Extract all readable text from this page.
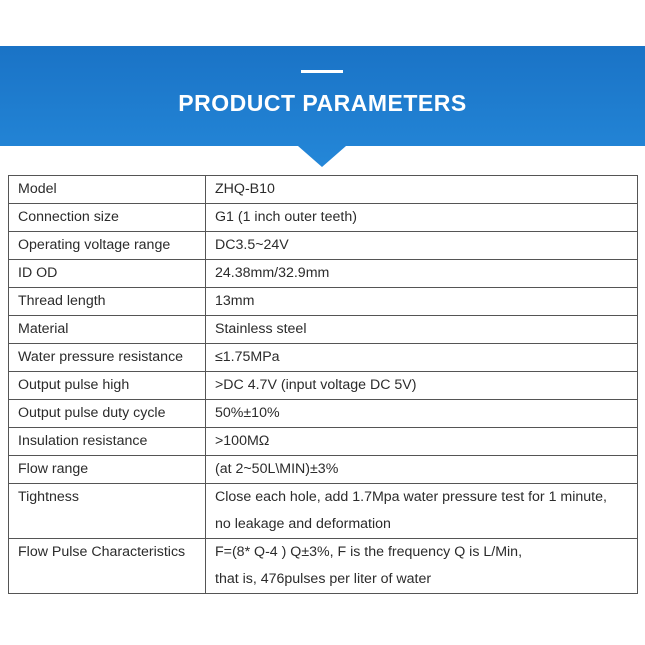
PRODUCT PARAMETERS
Model	ZHQ-B10
Connection size	G1 (1 inch outer teeth)
Operating voltage range	DC3.5~24V
ID OD	24.38mm/32.9mm
Thread length	13mm
Material	Stainless steel
Water pressure resistance	≤1.75MPa
Output pulse high	>DC 4.7V (input voltage DC 5V)
Output pulse duty cycle	50%±10%
Insulation resistance	>100MΩ
Flow range	(at 2~50L\MIN)±3%
Tightness	Close each hole, add 1.7Mpa water pressure test for 1 minute,
no leakage and deformation

Flow Pulse Characteristics	F=(8* Q-4 ) Q±3%, F is the frequency Q is L/Min,
that is, 476pulses per liter of water
